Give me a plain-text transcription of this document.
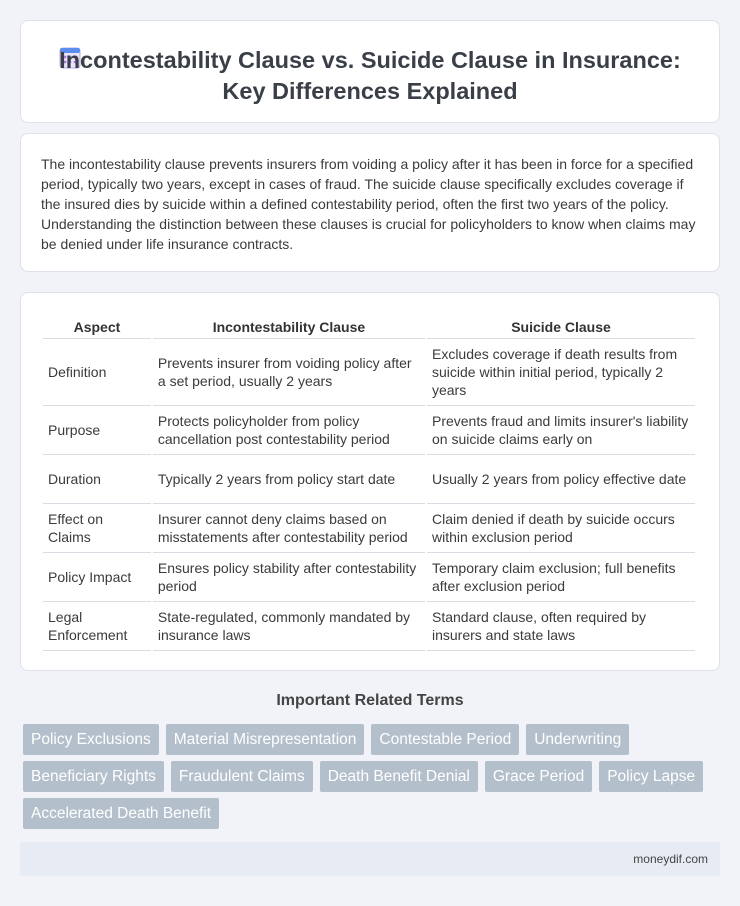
Incontestability Clause vs. Suicide Clause in Insurance:
Key Differences Explained

The incontestability clause prevents insurers from voiding a policy after it has been in force for a specified period, typically two years, except in cases of fraud. The suicide clause specifically excludes coverage if the insured dies by suicide within a defined contestability period, often the first two years of the policy. Understanding the distinction between these clauses is crucial for policyholders to know when claims may be denied under life insurance contracts.

Aspect	Incontestability Clause	Suicide Clause
Definition	Prevents insurer from voiding policy after a set period, usually 2 years	Excludes coverage if death results from suicide within initial period, typically 2 years
Purpose	Protects policyholder from policy cancellation post contestability period	Prevents fraud and limits insurer's liability on suicide claims early on
Duration	Typically 2 years from policy start date	Usually 2 years from policy effective date
Effect on Claims	Insurer cannot deny claims based on misstatements after contestability period	Claim denied if death by suicide occurs within exclusion period
Policy Impact	Ensures policy stability after contestability period	Temporary claim exclusion; full benefits after exclusion period
Legal Enforcement	State-regulated, commonly mandated by insurance laws	Standard clause, often required by insurers and state laws
Important Related Terms
Policy Exclusions	Material Misrepresentation	Contestable Period	Underwriting
Beneficiary Rights	Fraudulent Claims	Death Benefit Denial	Grace Period	Policy Lapse
Accelerated Death Benefit
moneydif.com
